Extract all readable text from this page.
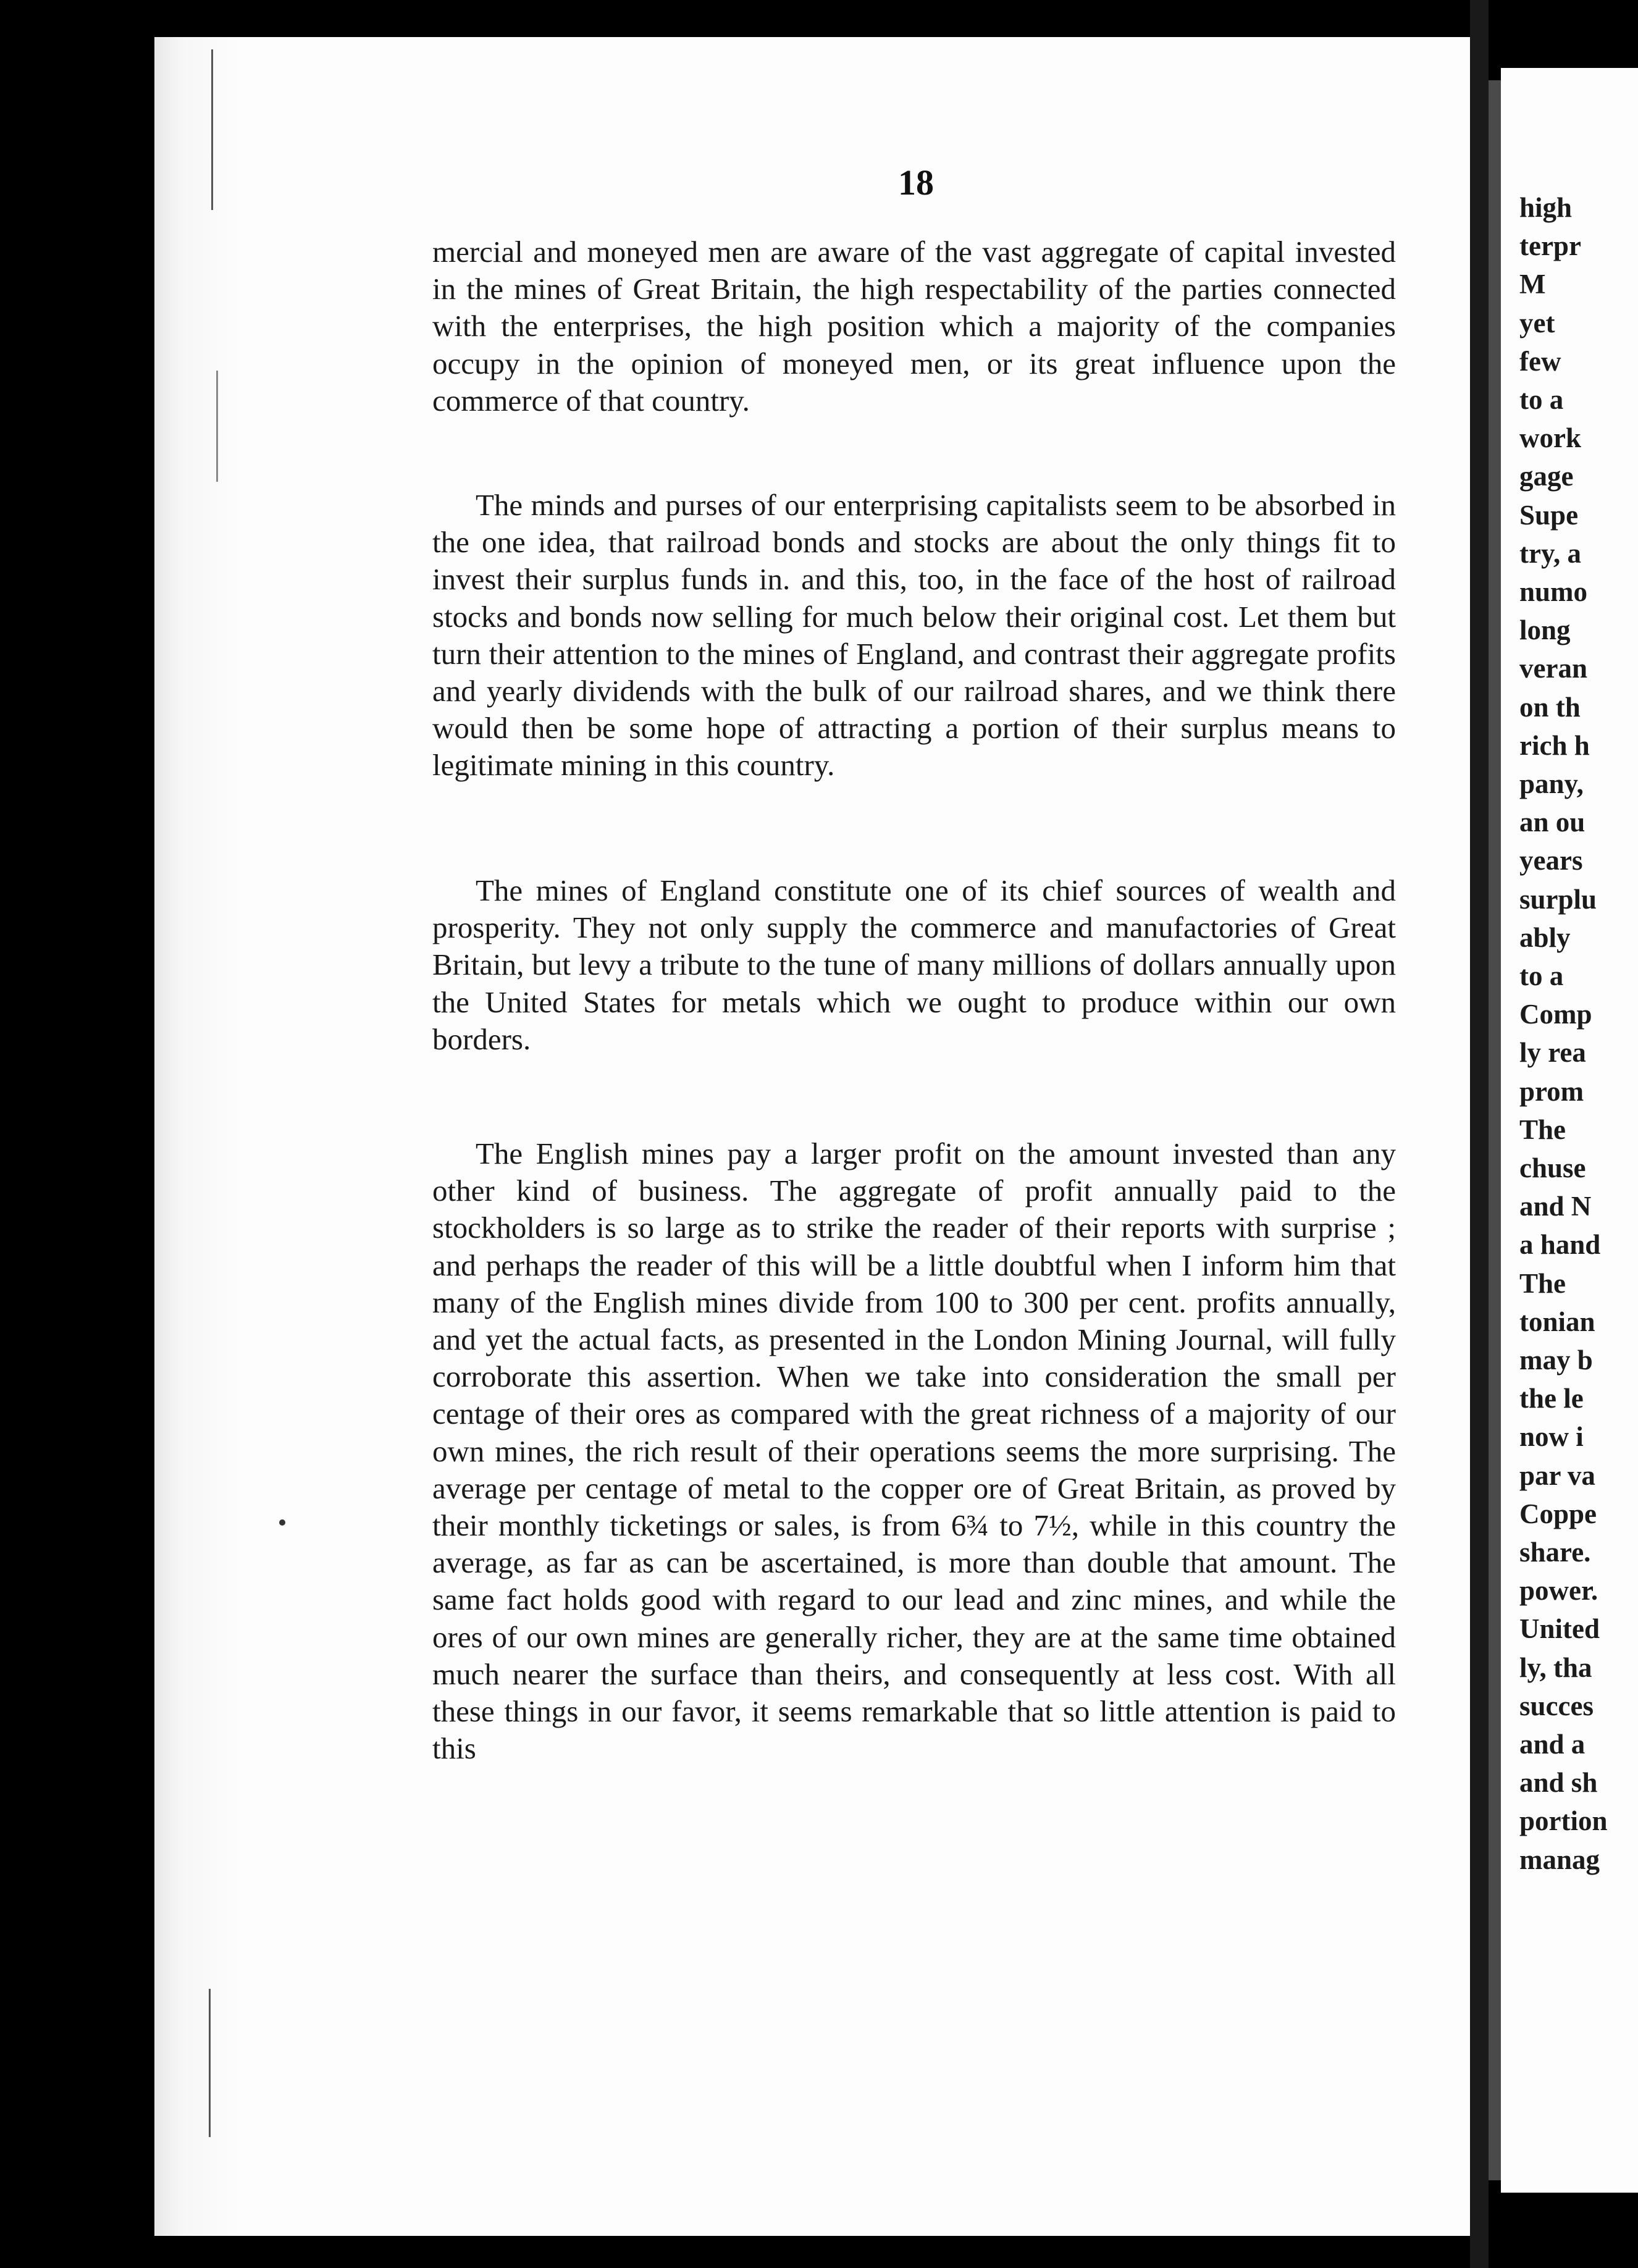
18

mercial and moneyed men are aware of the vast aggregate of capital invested in the mines of Great Britain, the high respectability of the parties connected with the enterprises, the high position which a majority of the companies occupy in the opinion of moneyed men, or its great influence upon the commerce of that country.

The minds and purses of our enterprising capitalists seem to be absorbed in the one idea, that railroad bonds and stocks are about the only things fit to invest their surplus funds in. and this, too, in the face of the host of railroad stocks and bonds now selling for much below their original cost. Let them but turn their attention to the mines of England, and contrast their aggregate profits and yearly dividends with the bulk of our railroad shares, and we think there would then be some hope of attracting a portion of their surplus means to legitimate mining in this country.

The mines of England constitute one of its chief sources of wealth and prosperity. They not only supply the commerce and manufactories of Great Britain, but levy a tribute to the tune of many millions of dollars annually upon the United States for metals which we ought to produce within our own borders.

The English mines pay a larger profit on the amount invested than any other kind of business. The aggregate of profit annually paid to the stockholders is so large as to strike the reader of their reports with surprise ; and perhaps the reader of this will be a little doubtful when I inform him that many of the English mines divide from 100 to 300 per cent. profits annually, and yet the actual facts, as presented in the London Mining Journal, will fully corroborate this assertion. When we take into consideration the small per centage of their ores as compared with the great richness of a majority of our own mines, the rich result of their operations seems the more surprising. The average per centage of metal to the copper ore of Great Britain, as proved by their monthly ticketings or sales, is from 6¾ to 7½, while in this country the average, as far as can be ascertained, is more than double that amount. The same fact holds good with regard to our lead and zinc mines, and while the ores of our own mines are generally richer, they are at the same time obtained much nearer the surface than theirs, and consequently at less cost. With all these things in our favor, it seems remarkable that so little attention is paid to this

high
terpr
M
yet
few
to a
work
gage
Supe
try, a
numo
long
veran
on th
rich h
pany,
an ou
years
surplu
ably
to a
Comp
ly rea
prom
The
chuse
and N
a hand
The
tonian
may b
the le
now i
par va
Coppe
share.
power.
United
ly, tha
succes
and a
and sh
portion
manag
